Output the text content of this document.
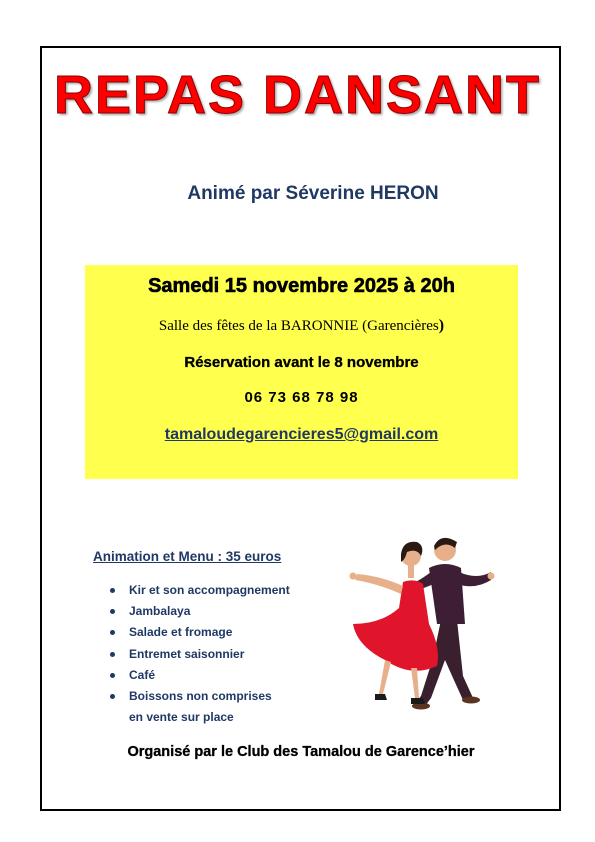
REPAS DANSANT
Animé par Séverine HERON
Samedi 15 novembre 2025 à 20h
Salle des fêtes de la BARONNIE (Garencières)
Réservation avant le 8 novembre
06 73 68 78 98
tamaloudegarencieres5@gmail.com
Animation et Menu : 35 euros
Kir et son accompagnement
Jambalaya
Salade et fromage
Entremet saisonnier
Café
Boissons non comprises
en vente sur place
Organisé par le Club des Tamalou de Garence’hier
